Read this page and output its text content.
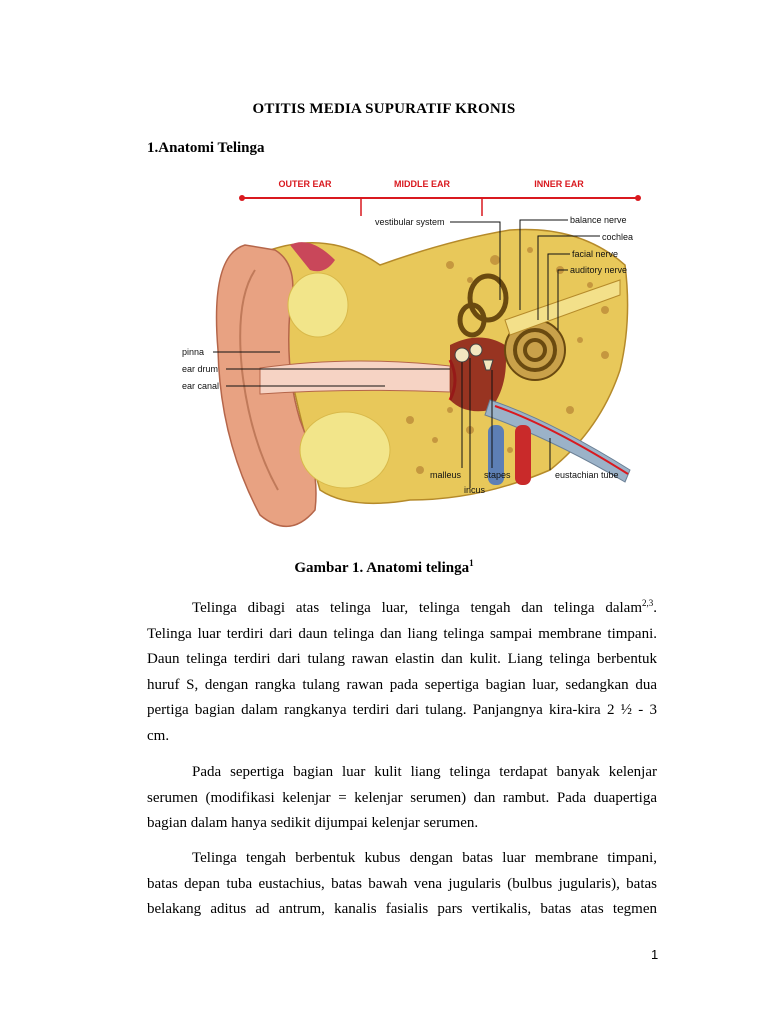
OTITIS MEDIA SUPURATIF KRONIS
1.Anatomi Telinga
OUTER EAR	MIDDLE EAR	INNER EAR
pinna
ear drum
ear canal
vestibular system	balance nerve
cochlea
facial nerve
auditory nerve
malleus	stapes
incus
eustachian tube
Gambar 1. Anatomi telinga$^1$
Telinga dibagi atas telinga luar, telinga tengah dan telinga dalam$^{2,3}$.
Telinga luar terdiri dari daun telinga dan liang telinga sampai membrane timpani.
Daun telinga terdiri dari tulang rawan elastin dan kulit. Liang telinga berbentuk
huruf S, dengan rangka tulang rawan pada sepertiga bagian luar, sedangkan dua
pertiga bagian dalam rangkanya terdiri dari tulang. Panjangnya kira-kira 2 ½ - 3
cm.
Pada sepertiga bagian luar kulit liang telinga terdapat banyak kelenjar
serumen (modifikasi kelenjar = kelenjar serumen) dan rambut. Pada duapertiga
bagian dalam hanya sedikit dijumpai kelenjar serumen.
Telinga tengah berbentuk kubus dengan batas luar membrane timpani,
batas depan tuba eustachius, batas bawah vena jugularis (bulbus jugularis), batas
belakang aditus ad antrum, kanalis fasialis pars vertikalis, batas atas tegmen
1
